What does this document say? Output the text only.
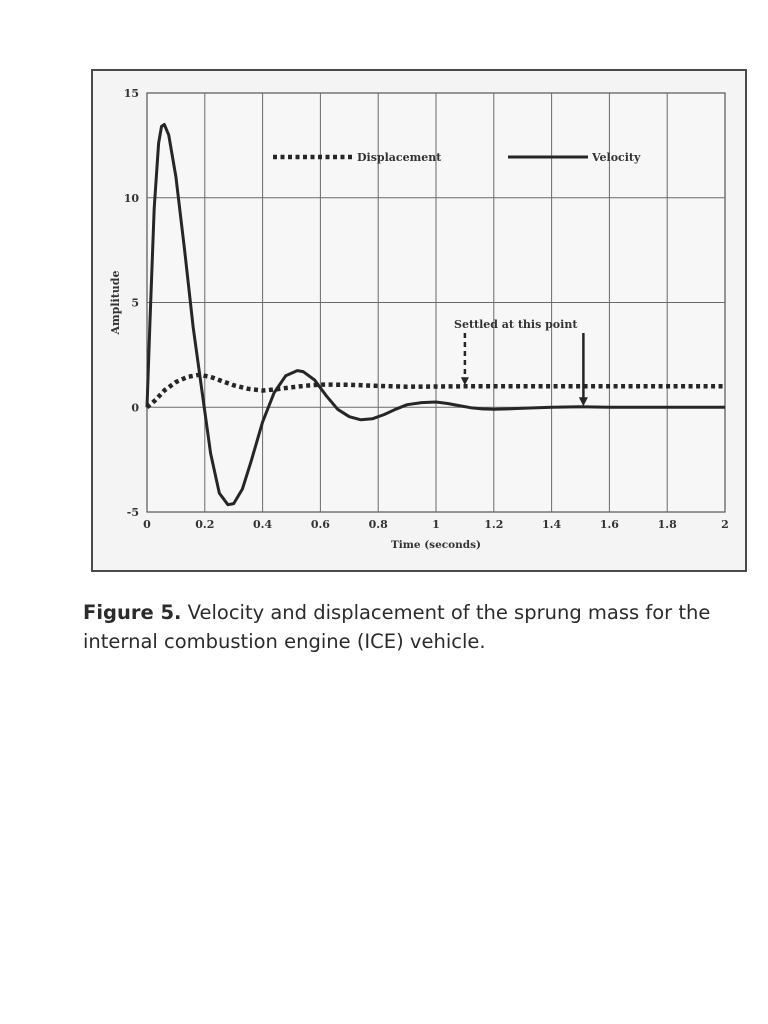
0	0.2	0.4	0.6	0.8	1	1.2	1.4	1.6	1.8	2
-5
0
5
10
15
Time (seconds)
Amplitude
Displacement	Velocity
Settled at this point
Figure 5. Velocity and displacement of the sprung mass for the internal combustion engine (ICE) vehicle.
